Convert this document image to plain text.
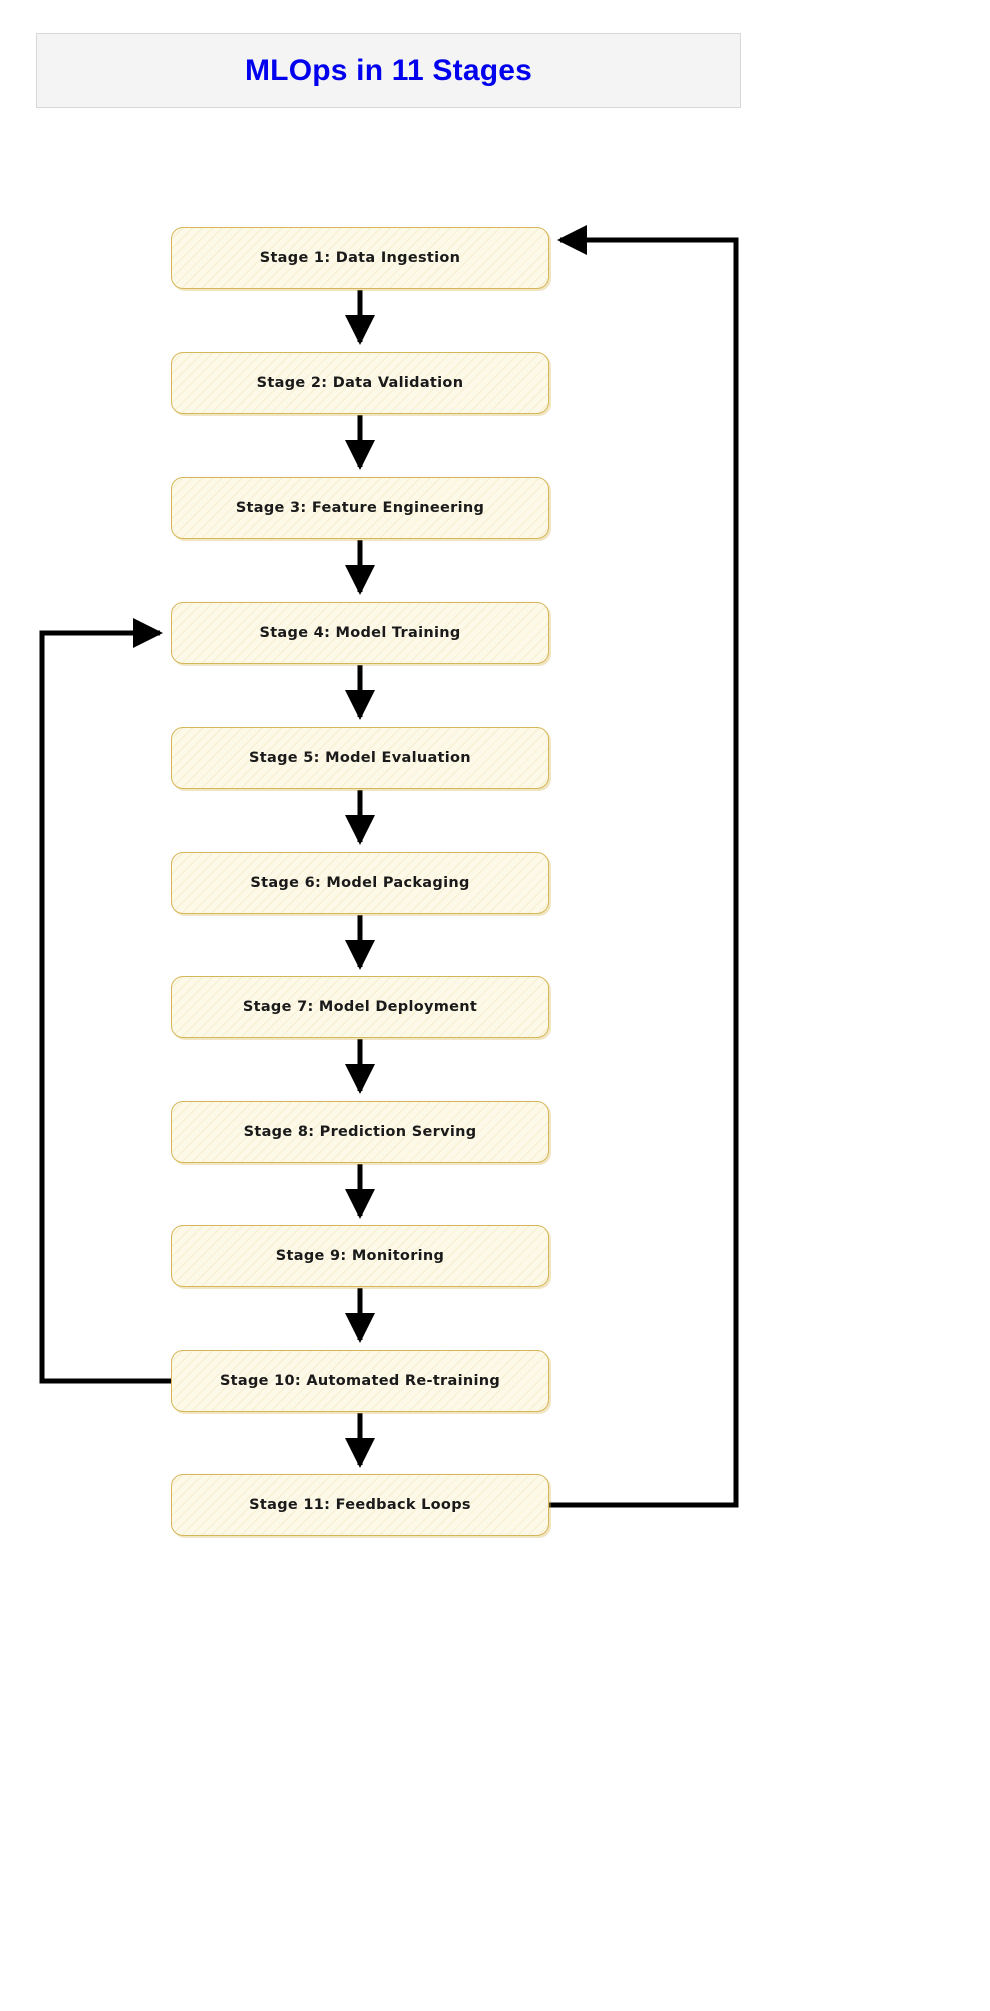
MLOps in 11 Stages
Stage 1: Data Ingestion
Stage 2: Data Validation
Stage 3: Feature Engineering
Stage 4: Model Training
Stage 5: Model Evaluation
Stage 6: Model Packaging
Stage 7: Model Deployment
Stage 8: Prediction Serving
Stage 9: Monitoring
Stage 10: Automated Re-training
Stage 11: Feedback Loops
